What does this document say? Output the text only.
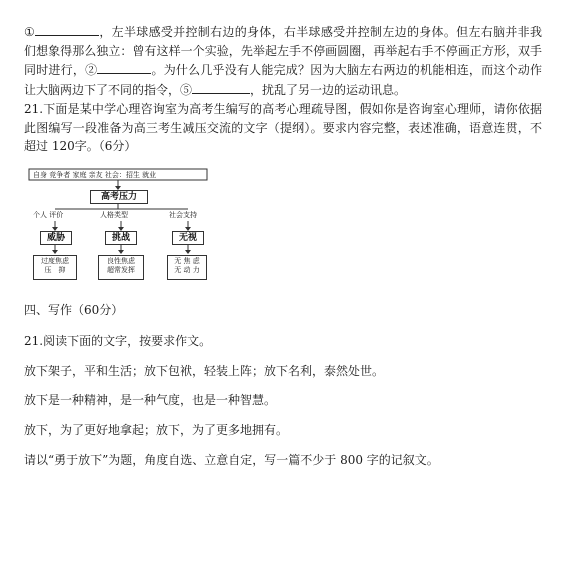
①	，左半球感受并控制右边的身体，右半球感受并控制左边的身体。但左右脑并非我们想象得那么独立：曾有这样一个实验，先举起左手不停画圆圈，再举起右手不停画正方形，双手同时进行，②	。为什么几乎没有人能完成？因为大脑左右两边的机能相连，而这个动作让大脑两边下了不同的指令，⑤	，扰乱了另一边的运动讯息。
21.下面是某中学心理咨询室为高考生编写的高考心理疏导图，假如你是咨询室心理师，请你依据此图编写一段准备为高三考生减压交流的文字（提纲）。要求内容完整，表述准确，语意连贯，不超过 120字。（6分）
自身 竞争者 家庭 亲友 社会：招生 就业
高考压力
个人 评价	人格类型	社会支持
威胁	挑战	无视
过度焦虑
压　抑
良性焦虑
超常发挥
无 焦 虑
无 动 力
四、写作（60分）
21.阅读下面的文字，按要求作文。
放下架子，平和生活；放下包袱，轻装上阵；放下名利，泰然处世。
放下是一种精神，是一种气度，也是一种智慧。
放下，为了更好地拿起；放下，为了更多地拥有。
请以“勇于放下”为题，角度自选、立意自定，写一篇不少于 800 字的记叙文。
